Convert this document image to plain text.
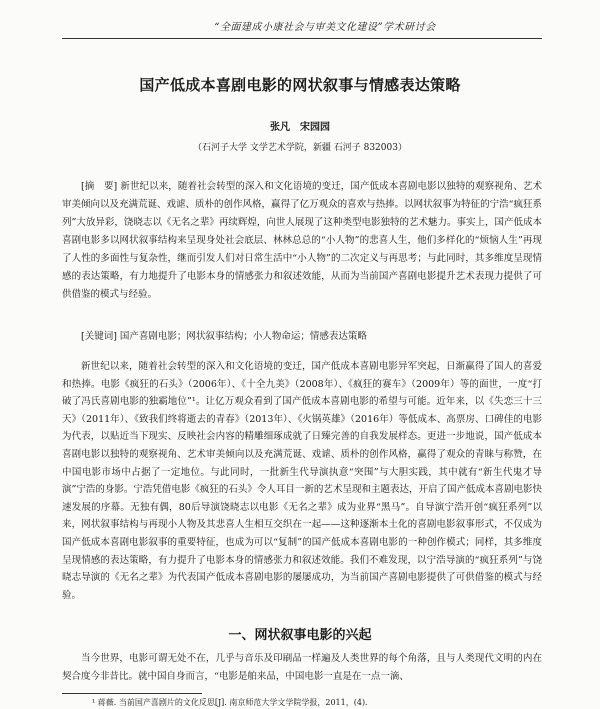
“全面建成小康社会与审美文化建设”学术研讨会
国产低成本喜剧电影的网状叙事与情感表达策略
张凡　宋园园
（石河子大学 文学艺术学院，新疆 石河子 832003）
[摘　要] 新世纪以来，随着社会转型的深入和文化语境的变迁，国产低成本喜剧电影以独特的观察视角、艺术审美倾向以及充满荒诞、戏谑、质朴的创作风格，赢得了亿万观众的喜欢与热捧。以网状叙事为特征的宁浩“疯狂系列”大放异彩，饶晓志以《无名之辈》再续辉煌，向世人展现了这种类型电影独特的艺术魅力。事实上，国产低成本喜剧电影多以网状叙事结构来呈现身处社会底层、林林总总的“小人物”的悲喜人生，他们多样化的“烦恼人生”再现了人性的多面性与复杂性，继而引发人们对日常生活中“小人物”的二次定义与再思考；与此同时，其多维度呈现情感的表达策略，有力地提升了电影本身的情感张力和叙述效能，从而为当前国产喜剧电影提升艺术表现力提供了可供借鉴的模式与经验。
[关键词] 国产喜剧电影；网状叙事结构；小人物命运；情感表达策略
新世纪以来，随着社会转型的深入和文化语境的变迁，国产低成本喜剧电影异军突起，日渐赢得了国人的喜爱和热捧。电影《疯狂的石头》（2006年）、《十全九美》（2008年）、《疯狂的赛车》（2009年）等的面世，一度“打破了冯氏喜剧电影的独霸地位”¹。让亿万观众看到了国产低成本喜剧电影的希望与可能。近年来，以《失恋三十三天》（2011年）、《致我们终将逝去的青春》（2013年）、《火锅英雄》（2016年）等低成本、高票房、口碑佳的电影为代表，以贴近当下现实、反映社会内容的精雕细琢成就了日臻完善的自我发展样态。更进一步地说，国产低成本喜剧电影以独特的观察视角、艺术审美倾向以及充满荒诞、戏谑、质朴的创作风格，赢得了观众的青睐与称赞，在中国电影市场中占据了一定地位。与此同时，一批新生代导演执意“突围”与大胆实践，其中就有“新生代鬼才导演”宁浩的身影。宁浩凭借电影《疯狂的石头》令人耳目一新的艺术呈现和主题表达，开启了国产低成本喜剧电影快速发展的序幕。无独有偶，80后导演饶晓志以电影《无名之辈》成为业界“黑马”。自导演宁浩开创“疯狂系列”以来，网状叙事结构与再现小人物及其悲喜人生相互交织在一起——这种逐渐本土化的喜剧电影叙事形式，不仅成为国产低成本喜剧电影叙事的重要特征，也成为可以“复制”的国产低成本喜剧电影的一种创作模式；同样，其多维度呈现情感的表达策略，有力提升了电影本身的情感张力和叙述效能。我们不难发现，以宁浩导演的“疯狂系列”与饶晓志导演的《无名之辈》为代表国产低成本喜剧电影的屡屡成功，为当前国产喜剧电影提供了可供借鉴的模式与经验。
一、网状叙事电影的兴起
当今世界，电影可谓无处不在，几乎与音乐及印刷品一样遍及人类世界的每个角落，且与人类现代文明的内在契合度今非昔比。就中国自身而言，“电影是舶来品，中国电影一直是在一点一滴、
¹ 蒋薇. 当前国产喜剧片的文化反思[J]. 南京师范大学文学院学报，2011，(4).
